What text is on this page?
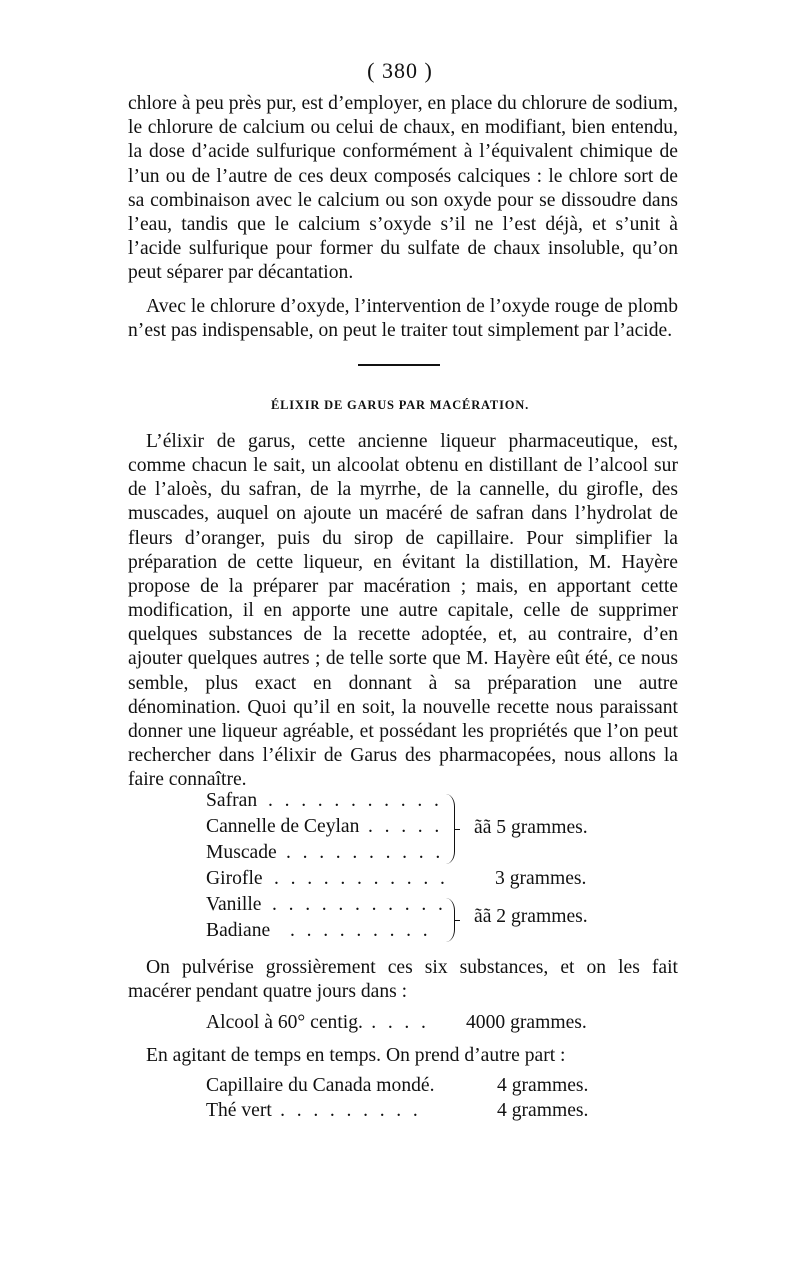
( 380 )

chlore à peu près pur, est d’employer, en place du chlorure de sodium, le chlorure de calcium ou celui de chaux, en modifiant, bien entendu, la dose d’acide sulfurique conformément à l’équivalent chimique de l’un ou de l’autre de ces deux composés calciques : le chlore sort de sa combinaison avec le calcium ou son oxyde pour se dissoudre dans l’eau, tandis que le calcium s’oxyde s’il ne l’est déjà, et s’unit à l’acide sulfurique pour former du sulfate de chaux insoluble, qu’on peut séparer par décantation.

Avec le chlorure d’oxyde, l’intervention de l’oxyde rouge de plomb n’est pas indispensable, on peut le traiter tout simplement par l’acide.

ÉLIXIR DE GARUS PAR MACÉRATION.

L’élixir de garus, cette ancienne liqueur pharmaceutique, est, comme chacun le sait, un alcoolat obtenu en distillant de l’alcool sur de l’aloès, du safran, de la myrrhe, de la cannelle, du girofle, des muscades, auquel on ajoute un macéré de safran dans l’hydrolat de fleurs d’oranger, puis du sirop de capillaire. Pour simplifier la préparation de cette liqueur, en évitant la distillation, M. Hayère propose de la préparer par macération ; mais, en apportant cette modification, il en apporte une autre capitale, celle de supprimer quelques substances de la recette adoptée, et, au contraire, d’en ajouter quelques autres ; de telle sorte que M. Hayère eût été, ce nous semble, plus exact en donnant à sa préparation une autre dénomination. Quoi qu’il en soit, la nouvelle recette nous paraissant donner une liqueur agréable, et possédant les propriétés que l’on peut rechercher dans l’élixir de Garus des pharmacopées, nous allons la faire connaître.

Safran . . . . . . . . . . .
Cannelle de Ceylan . . . . .
Muscade . . . . . . . . . .
ãã 5 grammes.
Girofle . . . . . . . . . . . 3 grammes.
Vanille . . . . . . . . . . .
Badiane . . . . . . . . .
ãã 2 grammes.

On pulvérise grossièrement ces six substances, et on les fait macérer pendant quatre jours dans :

Alcool à 60° centig. . . . . 4000 grammes.
En agitant de temps en temps. On prend d’autre part :
Capillaire du Canada mondé.	4 grammes.
Thé vert . . . . . . . . .	4 grammes.
